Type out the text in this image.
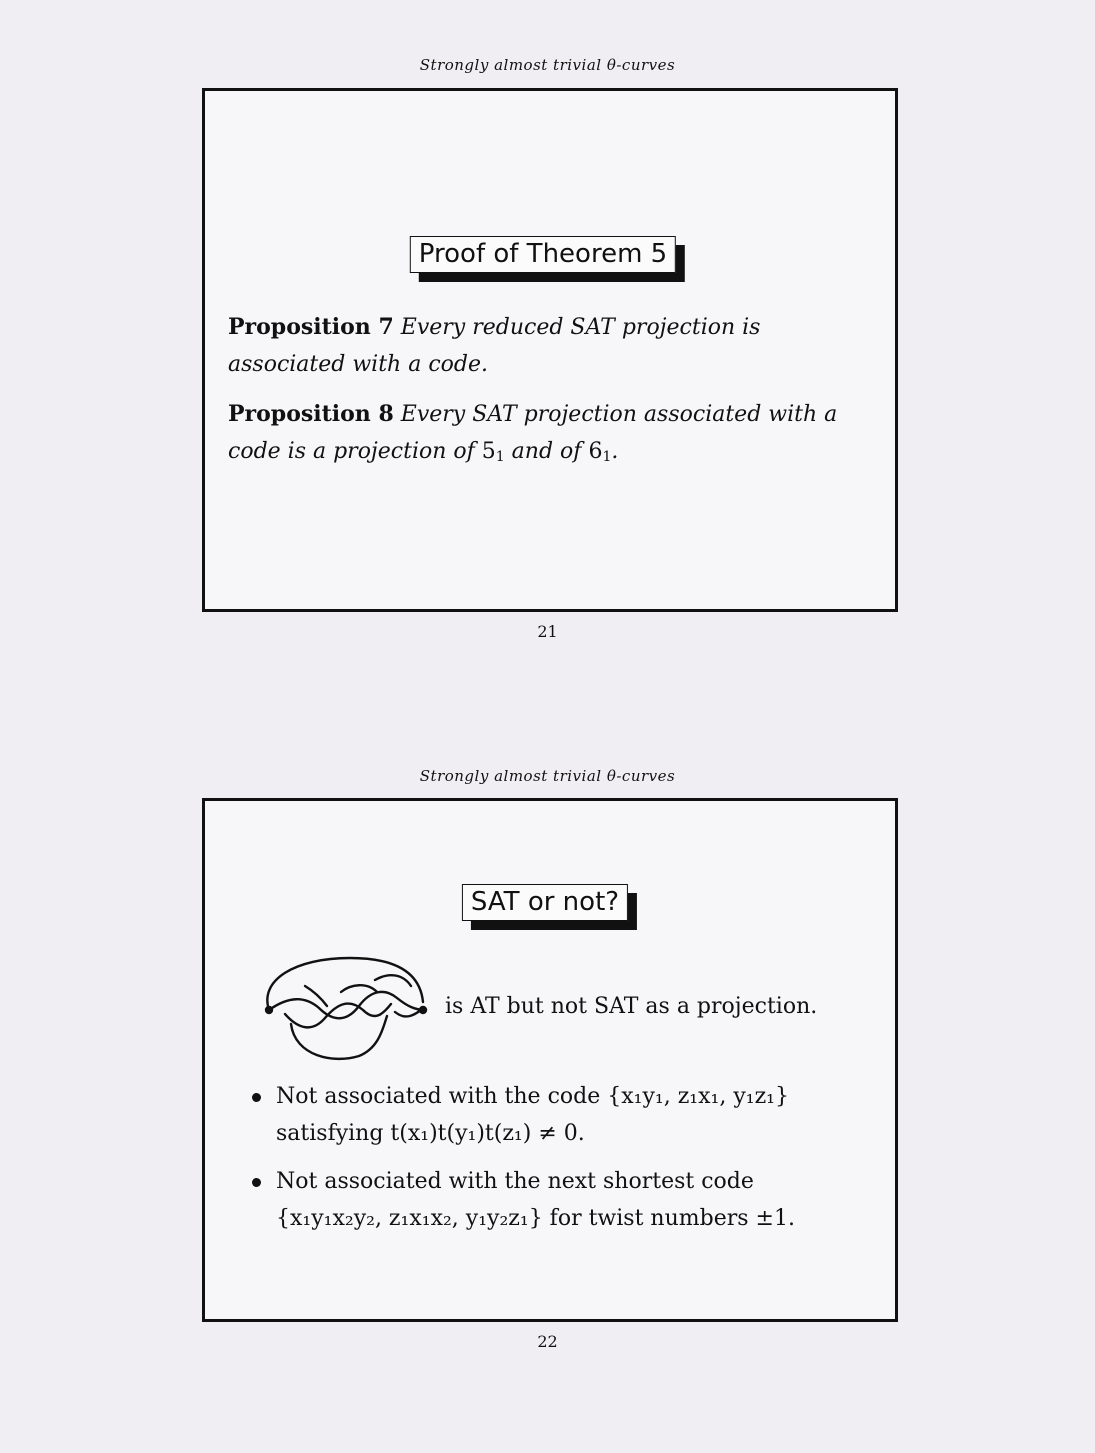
Strongly almost trivial θ-curves
Proof of Theorem 5
Proposition 7 Every reduced SAT projection is
associated with a code.
Proposition 8 Every SAT projection associated with a
code is a projection of $5_1$ and of $6_1$.
21
Strongly almost trivial θ-curves
SAT or not?
is AT but not SAT as a projection.
Not associated with the code {x₁y₁, z₁x₁, y₁z₁}
satisfying t(x₁)t(y₁)t(z₁) ≠ 0.
Not associated with the next shortest code
{x₁y₁x₂y₂, z₁x₁x₂, y₁y₂z₁} for twist numbers ±1.
22
